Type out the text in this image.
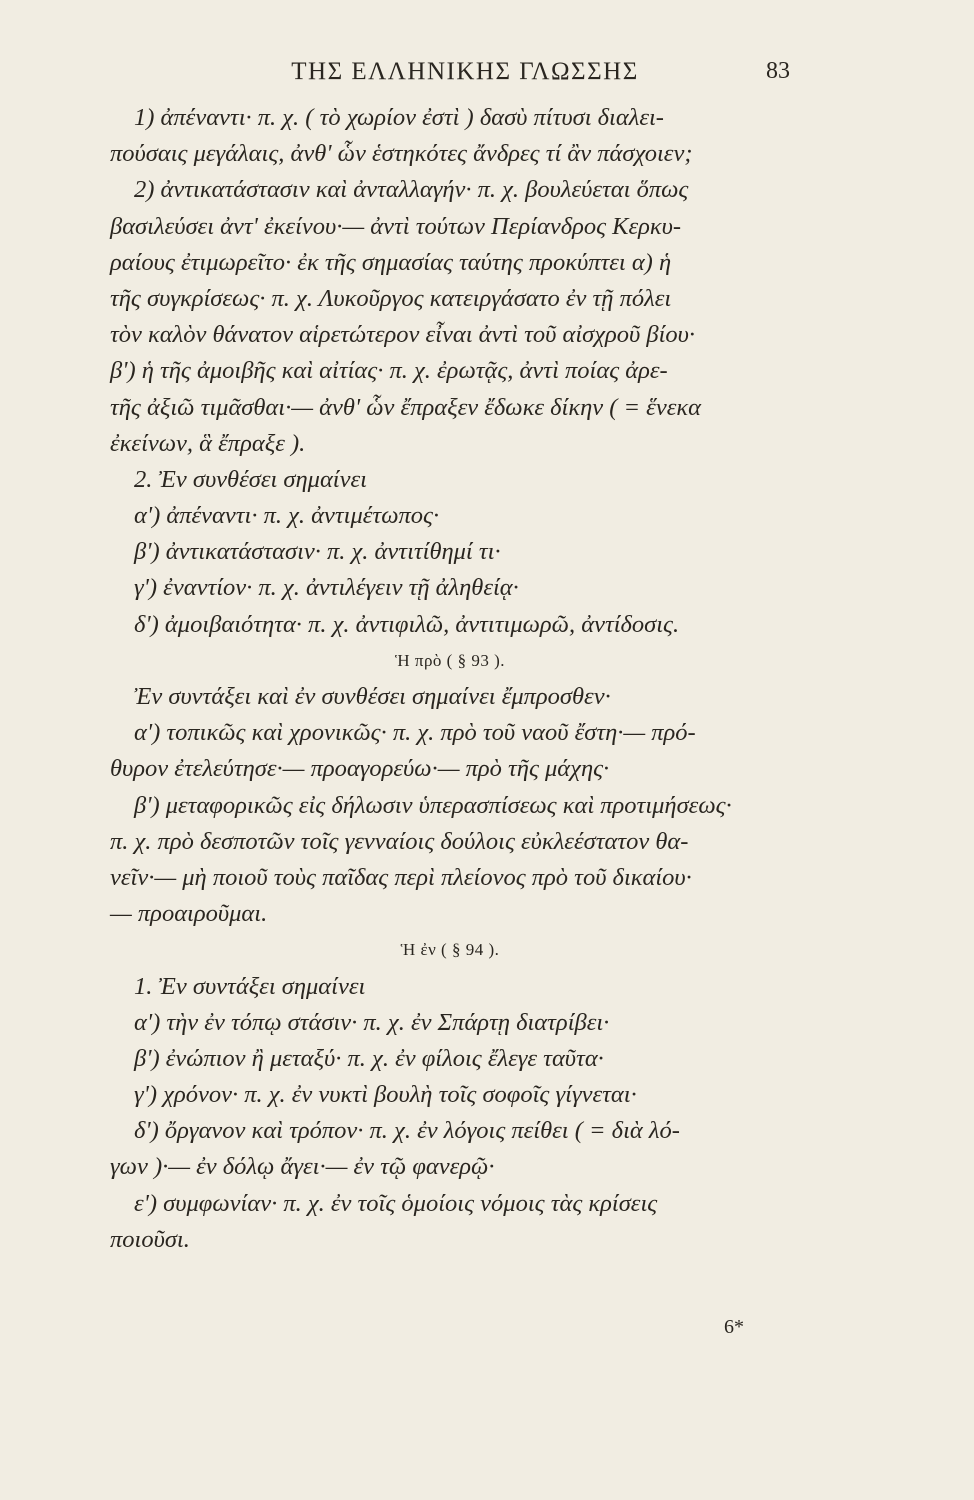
ΤΗΣ ΕΛΛΗΝΙΚΗΣ ΓΛΩΣΣΗΣ	83
1) ἀπέναντι· π. χ. ( τὸ χωρίον ἐστὶ ) δασὺ πίτυσι διαλει-
πούσαις μεγάλαις, ἀνθ' ὧν ἑστηκότες ἄνδρες τί ἂν πάσχοιεν;
2) ἀντικατάστασιν καὶ ἀνταλλαγήν· π. χ. βουλεύεται ὅπως
βασιλεύσει ἀντ' ἐκείνου·— ἀντὶ τούτων Περίανδρος Κερκυ-
ραίους ἐτιμωρεῖτο· ἐκ τῆς σημασίας ταύτης προκύπτει α) ἡ
τῆς συγκρίσεως· π. χ. Λυκοῦργος κατειργάσατο ἐν τῇ πόλει
τὸν καλὸν θάνατον αἱρετώτερον εἶναι ἀντὶ τοῦ αἰσχροῦ βίου·
β') ἡ τῆς ἀμοιβῆς καὶ αἰτίας· π. χ. ἐρωτᾷς, ἀντὶ ποίας ἀρε-
τῆς ἀξιῶ τιμᾶσθαι·— ἀνθ' ὧν ἔπραξεν ἔδωκε δίκην ( = ἕνεκα
ἐκείνων, ἃ ἔπραξε ).
2. Ἐν συνθέσει σημαίνει
α') ἀπέναντι· π. χ. ἀντιμέτωπος·
β') ἀντικατάστασιν· π. χ. ἀντιτίθημί τι·
γ') ἐναντίον· π. χ. ἀντιλέγειν τῇ ἀληθείᾳ·
δ') ἀμοιβαιότητα· π. χ. ἀντιφιλῶ, ἀντιτιμωρῶ, ἀντίδοσις.
Ἡ πρὸ ( § 93 ).
Ἐν συντάξει καὶ ἐν συνθέσει σημαίνει ἔμπροσθεν·
α') τοπικῶς καὶ χρονικῶς· π. χ. πρὸ τοῦ ναοῦ ἔστη·— πρό-
θυρον ἐτελεύτησε·— προαγορεύω·— πρὸ τῆς μάχης·
β') μεταφορικῶς εἰς δήλωσιν ὑπερασπίσεως καὶ προτιμήσεως·
π. χ. πρὸ δεσποτῶν τοῖς γενναίοις δούλοις εὐκλεέστατον θα-
νεῖν·— μὴ ποιοῦ τοὺς παῖδας περὶ πλείονος πρὸ τοῦ δικαίου·
— προαιροῦμαι.
Ἡ ἐν ( § 94 ).
1. Ἐν συντάξει σημαίνει
α') τὴν ἐν τόπῳ στάσιν· π. χ. ἐν Σπάρτῃ διατρίβει·
β') ἐνώπιον ἢ μεταξύ· π. χ. ἐν φίλοις ἔλεγε ταῦτα·
γ') χρόνον· π. χ. ἐν νυκτὶ βουλὴ τοῖς σοφοῖς γίγνεται·
δ') ὄργανον καὶ τρόπον· π. χ. ἐν λόγοις πείθει ( = διὰ λό-
γων )·— ἐν δόλῳ ἄγει·— ἐν τῷ φανερῷ·
ε') συμφωνίαν· π. χ. ἐν τοῖς ὁμοίοις νόμοις τὰς κρίσεις
ποιοῦσι.
6*
